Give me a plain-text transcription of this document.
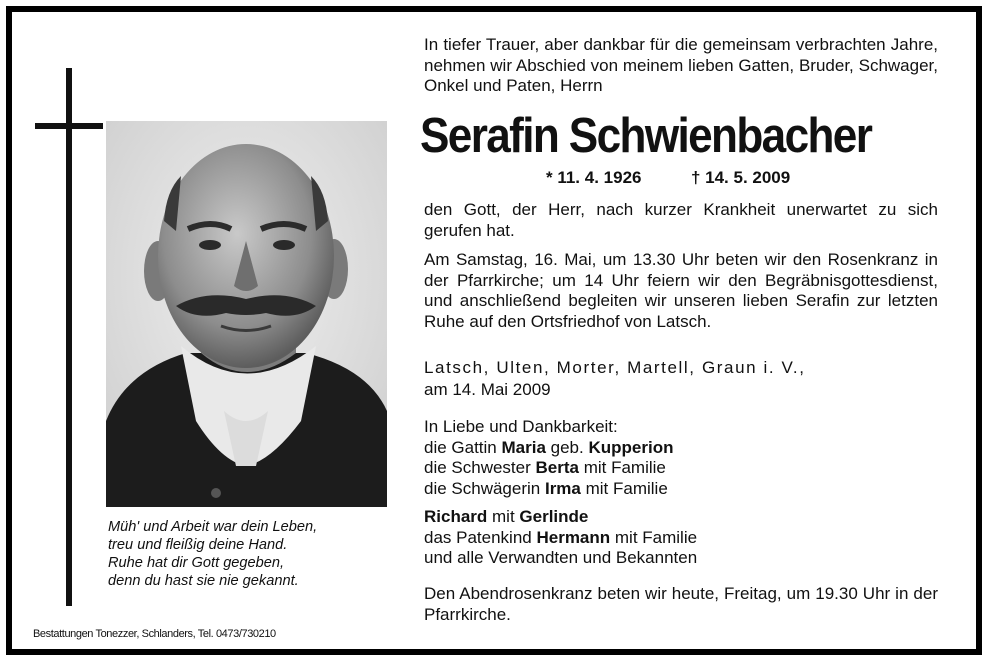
Müh' und Arbeit war dein Leben,
treu und fleißig deine Hand.
Ruhe hat dir Gott gegeben,
denn du hast sie nie gekannt.
Bestattungen Tonezzer, Schlanders, Tel. 0473/730210
In tiefer Trauer, aber dankbar für die gemeinsam verbrachten Jahre, nehmen wir Abschied von meinem lieben Gatten, Bruder, Schwager, Onkel und Paten, Herrn
Serafin Schwienbacher
* 11. 4. 1926	† 14. 5. 2009
den Gott, der Herr, nach kurzer Krankheit unerwartet zu sich gerufen hat.
Am Samstag, 16. Mai, um 13.30 Uhr beten wir den Rosenkranz in der Pfarrkirche; um 14 Uhr feiern wir den Begräbnisgottesdienst, und anschließend begleiten wir unseren lieben Serafin zur letzten Ruhe auf den Ortsfriedhof von Latsch.
Latsch, Ulten, Morter, Martell, Graun i. V.,
am 14. Mai 2009
In Liebe und Dankbarkeit:
die Gattin Maria geb. Kupperion
die Schwester Berta mit Familie
die Schwägerin Irma mit Familie
Richard mit Gerlinde
das Patenkind Hermann mit Familie
und alle Verwandten und Bekannten
Den Abendrosenkranz beten wir heute, Freitag, um 19.30 Uhr in der Pfarrkirche.
